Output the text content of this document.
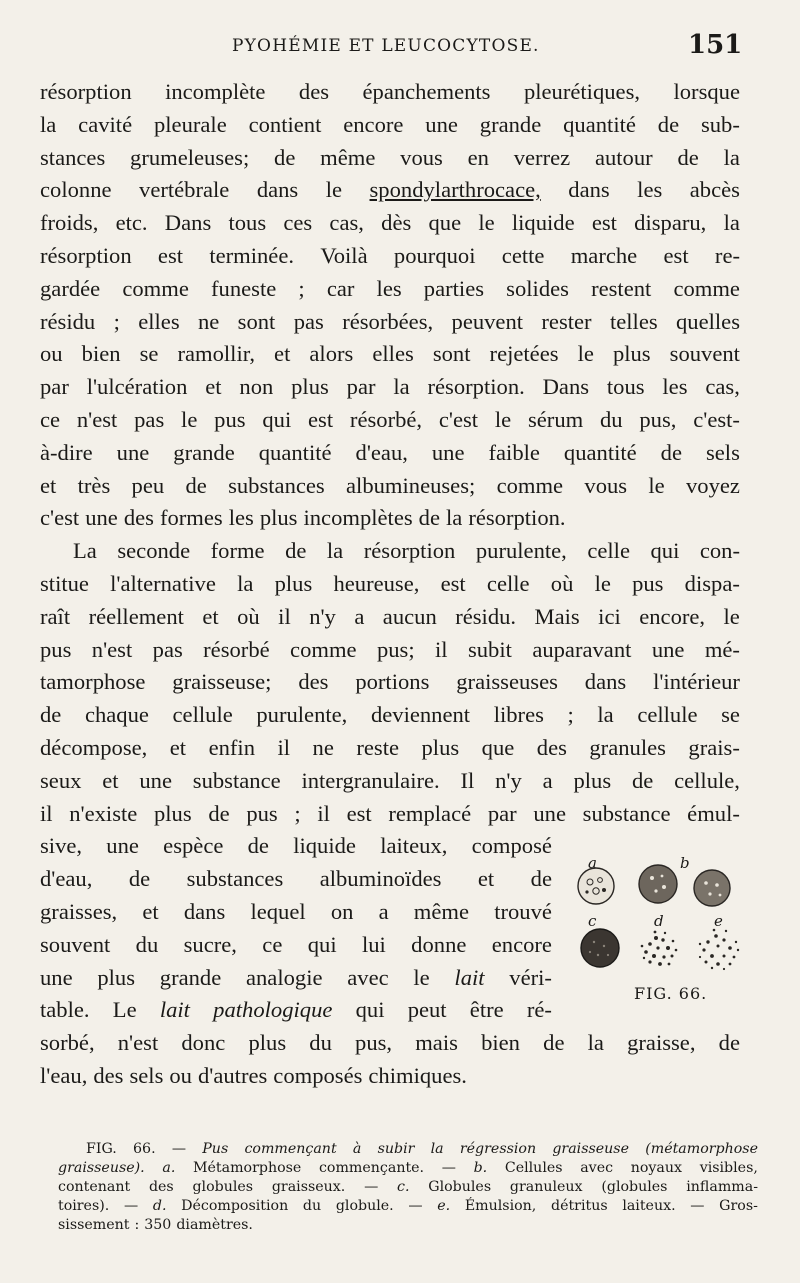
PYOHÉMIE ET LEUCOCYTOSE.	151
résorption incomplète des épanchements pleurétiques, lorsque
la cavité pleurale contient encore une grande quantité de sub-
stances grumeleuses; de même vous en verrez autour de la
colonne vertébrale dans le spondylarthrocace, dans les abcès
froids, etc. Dans tous ces cas, dès que le liquide est disparu, la
résorption est terminée. Voilà pourquoi cette marche est re-
gardée comme funeste ; car les parties solides restent comme
résidu ; elles ne sont pas résorbées, peuvent rester telles quelles
ou bien se ramollir, et alors elles sont rejetées le plus souvent
par l'ulcération et non plus par la résorption. Dans tous les cas,
ce n'est pas le pus qui est résorbé, c'est le sérum du pus, c'est-
à-dire une grande quantité d'eau, une faible quantité de sels
et très peu de substances albumineuses; comme vous le voyez
c'est une des formes les plus incomplètes de la résorption.
La seconde forme de la résorption purulente, celle qui con-
stitue l'alternative la plus heureuse, est celle où le pus dispa-
raît réellement et où il n'y a aucun résidu. Mais ici encore, le
pus n'est pas résorbé comme pus; il subit auparavant une mé-
tamorphose graisseuse; des portions graisseuses dans l'intérieur
de chaque cellule purulente, deviennent libres ; la cellule se
décompose, et enfin il ne reste plus que des granules grais-
seux et une substance intergranulaire. Il n'y a plus de cellule,
il n'existe plus de pus ; il est remplacé par une substance émul-
sive, une espèce de liquide laiteux, composé
d'eau, de substances albuminoïdes et de
graisses, et dans lequel on a même trouvé
souvent du sucre, ce qui lui donne encore
une plus grande analogie avec le lait véri-
table. Le lait pathologique qui peut être ré-
sorbé, n'est donc plus du pus, mais bien de la graisse, de
l'eau, des sels ou d'autres composés chimiques.
a	b
c	d	e
FIG. 66.
FIG. 66. — Pus commençant à subir la régression graisseuse (métamorphose
graisseuse). a. Métamorphose commençante. — b. Cellules avec noyaux visibles,
contenant des globules graisseux. — c. Globules granuleux (globules inflamma-
toires). — d. Décomposition du globule. — e. Émulsion, détritus laiteux. — Gros-
sissement : 350 diamètres.
